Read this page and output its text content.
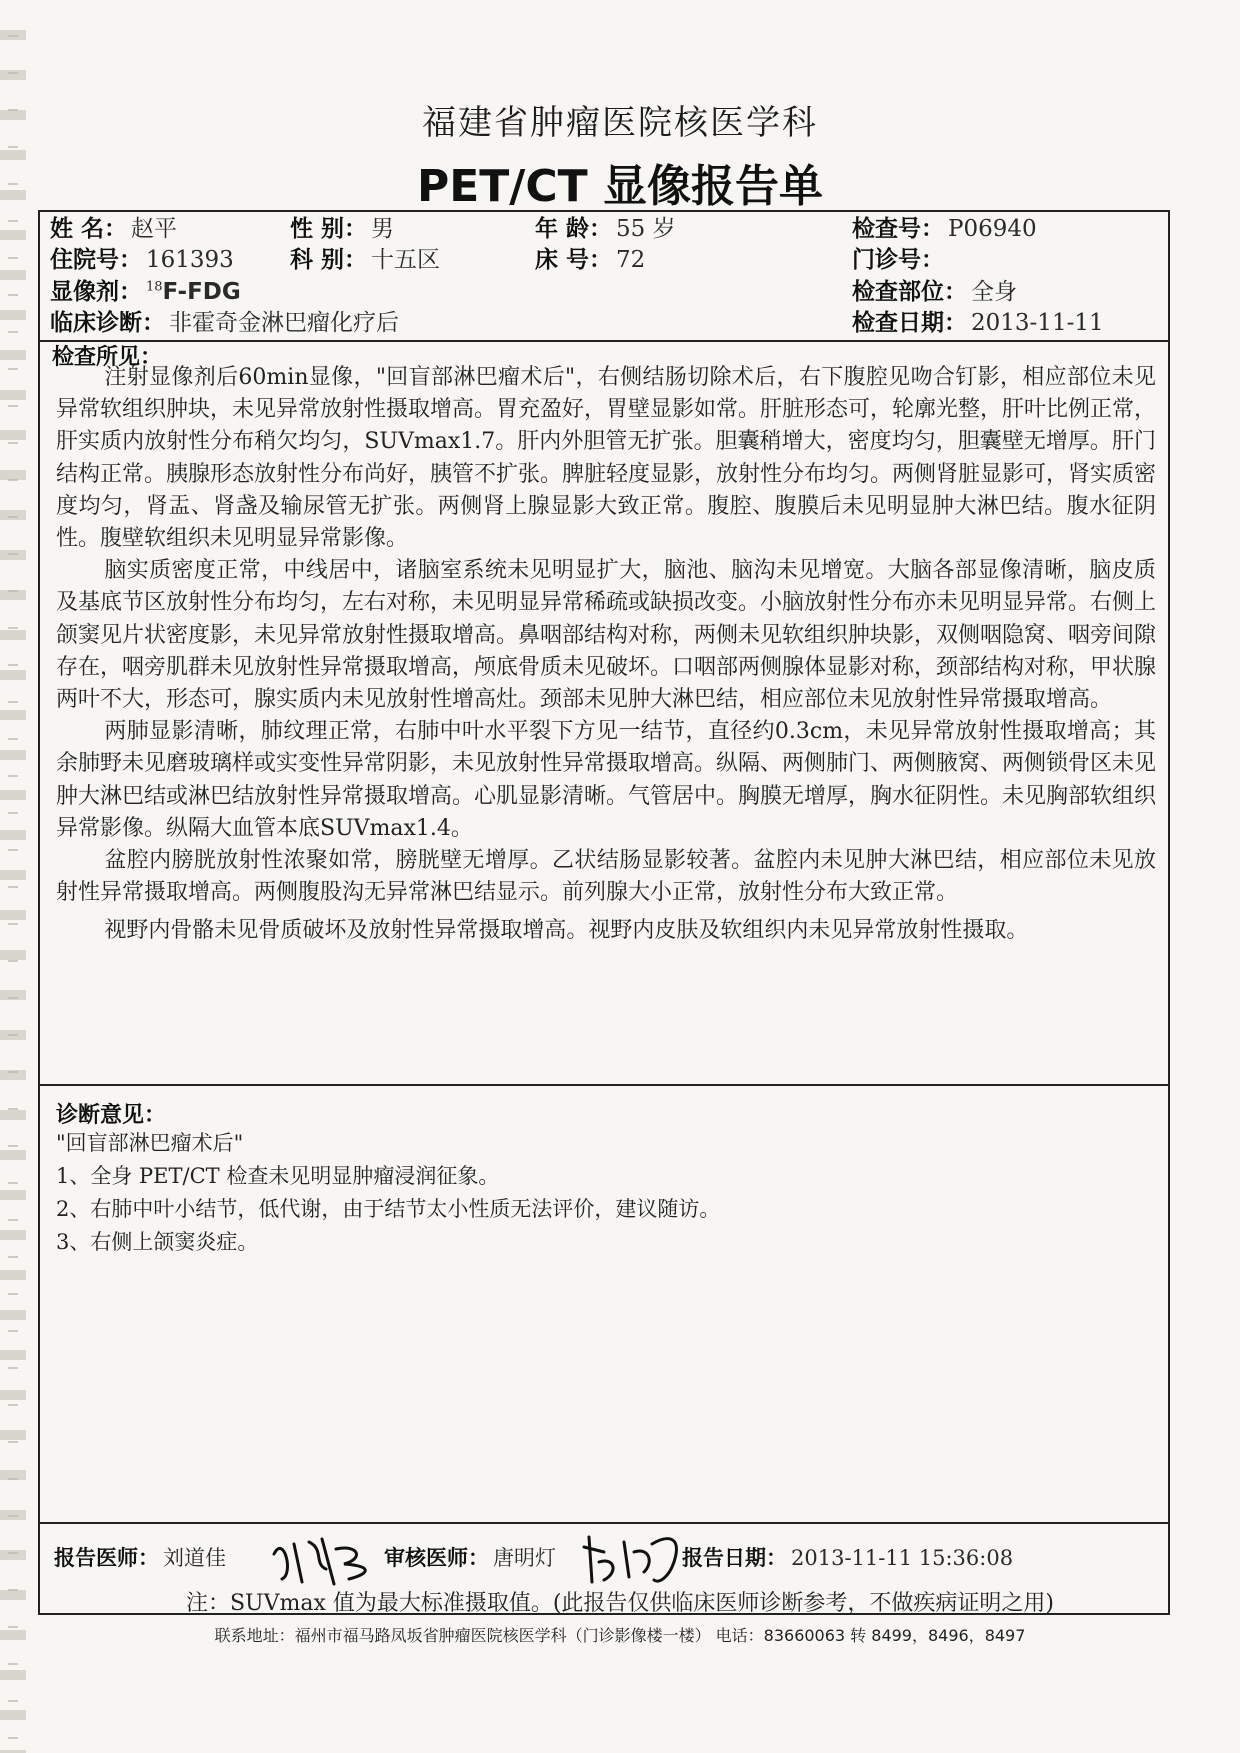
福建省肿瘤医院核医学科
PET/CT 显像报告单
姓 名： 赵平	性 别： 男	年 龄： 55 岁	检查号： P06940
住院号： 161393 科 别： 十五区	床 号： 72	门诊号：
显像剂： $^{18}$F-FDG	检查部位： 全身
临床诊断： 非霍奇金淋巴瘤化疗后	检查日期： 2013-11-11
检查所见：

注射显像剂后60min显像，"回盲部淋巴瘤术后"，右侧结肠切除术后，右下腹腔见吻合钉影，相应部位未见异常软组织肿块，未见异常放射性摄取增高。胃充盈好，胃壁显影如常。肝脏形态可，轮廓光整，肝叶比例正常，肝实质内放射性分布稍欠均匀，SUVmax1.7。肝内外胆管无扩张。胆囊稍增大，密度均匀，胆囊壁无增厚。肝门结构正常。胰腺形态放射性分布尚好，胰管不扩张。脾脏轻度显影，放射性分布均匀。两侧肾脏显影可，肾实质密度均匀，肾盂、肾盏及输尿管无扩张。两侧肾上腺显影大致正常。腹腔、腹膜后未见明显肿大淋巴结。腹水征阴性。腹壁软组织未见明显异常影像。

脑实质密度正常，中线居中，诸脑室系统未见明显扩大，脑池、脑沟未见增宽。大脑各部显像清晰，脑皮质及基底节区放射性分布均匀，左右对称，未见明显异常稀疏或缺损改变。小脑放射性分布亦未见明显异常。右侧上颌窦见片状密度影，未见异常放射性摄取增高。鼻咽部结构对称，两侧未见软组织肿块影，双侧咽隐窝、咽旁间隙存在，咽旁肌群未见放射性异常摄取增高，颅底骨质未见破坏。口咽部两侧腺体显影对称，颈部结构对称，甲状腺两叶不大，形态可，腺实质内未见放射性增高灶。颈部未见肿大淋巴结，相应部位未见放射性异常摄取增高。

两肺显影清晰，肺纹理正常，右肺中叶水平裂下方见一结节，直径约0.3cm，未见异常放射性摄取增高；其余肺野未见磨玻璃样或实变性异常阴影，未见放射性异常摄取增高。纵隔、两侧肺门、两侧腋窝、两侧锁骨区未见肿大淋巴结或淋巴结放射性异常摄取增高。心肌显影清晰。气管居中。胸膜无增厚，胸水征阴性。未见胸部软组织异常影像。纵隔大血管本底SUVmax1.4。

盆腔内膀胱放射性浓聚如常，膀胱壁无增厚。乙状结肠显影较著。盆腔内未见肿大淋巴结，相应部位未见放射性异常摄取增高。两侧腹股沟无异常淋巴结显示。前列腺大小正常，放射性分布大致正常。

视野内骨骼未见骨质破坏及放射性异常摄取增高。视野内皮肤及软组织内未见异常放射性摄取。

诊断意见：
"回盲部淋巴瘤术后"
1、全身 PET/CT 检查未见明显肿瘤浸润征象。
2、右肺中叶小结节，低代谢，由于结节太小性质无法评价，建议随访。
3、右侧上颌窦炎症。
报告医师： 刘道佳	审核医师： 唐明灯	报告日期： 2013-11-11 15:36:08
注：SUVmax 值为最大标准摄取值。(此报告仅供临床医师诊断参考，不做疾病证明之用)
联系地址：福州市福马路凤坂省肿瘤医院核医学科（门诊影像楼一楼） 电话：83660063 转 8499，8496，8497
